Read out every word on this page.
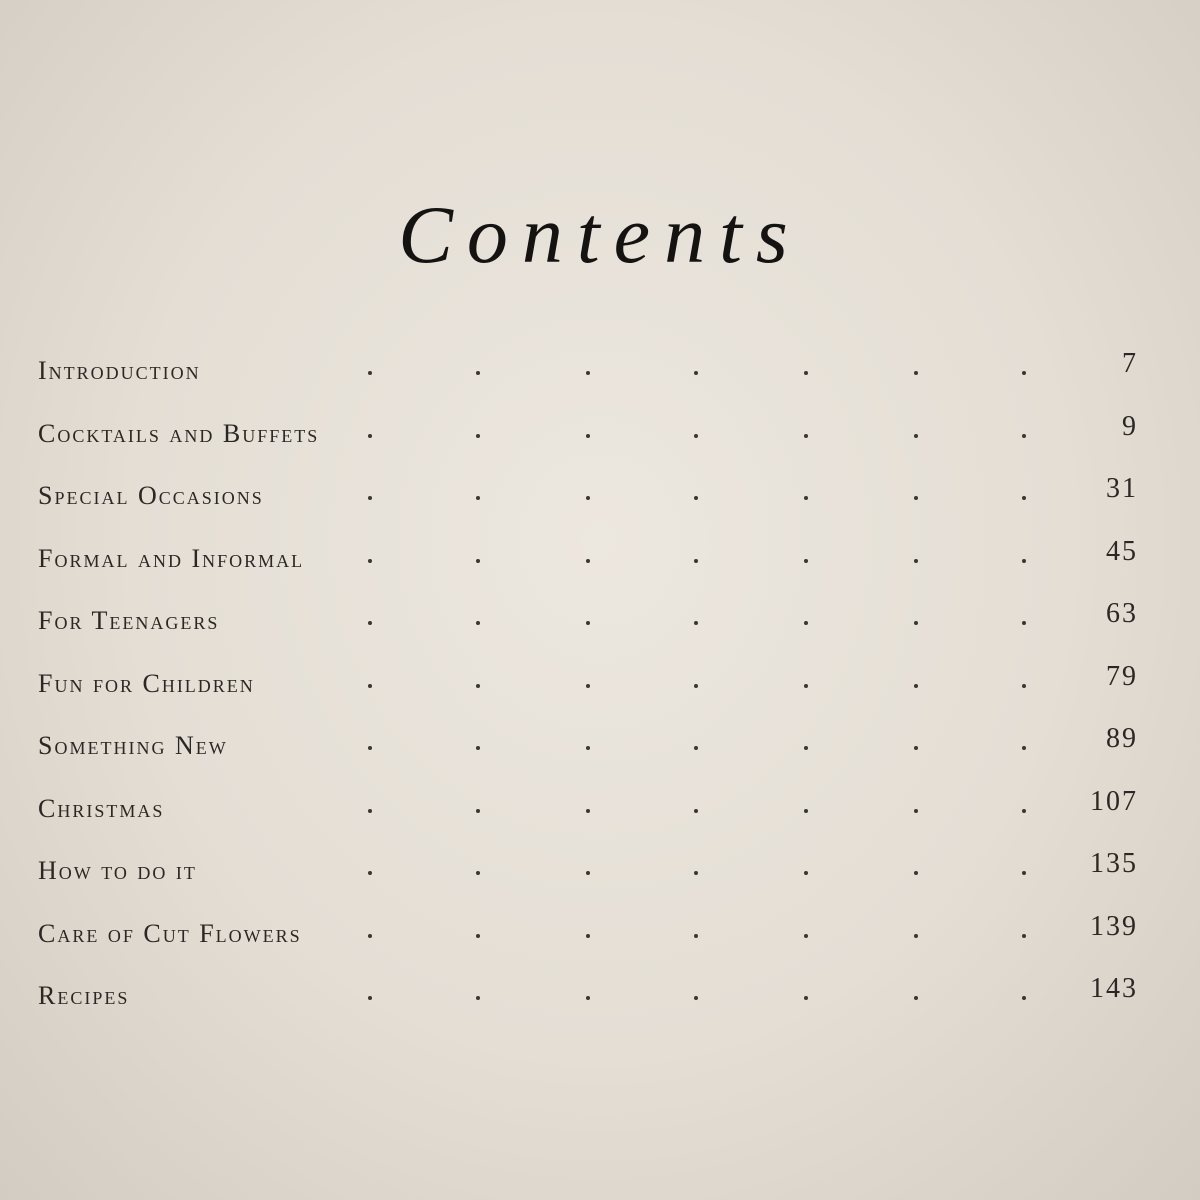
Contents
Introduction	7
Cocktails and Buffets	9
Special Occasions	31
Formal and Informal	45
For Teenagers	63
Fun for Children	79
Something New	89
Christmas	107
How to do it	135
Care of Cut Flowers	139
Recipes	143
